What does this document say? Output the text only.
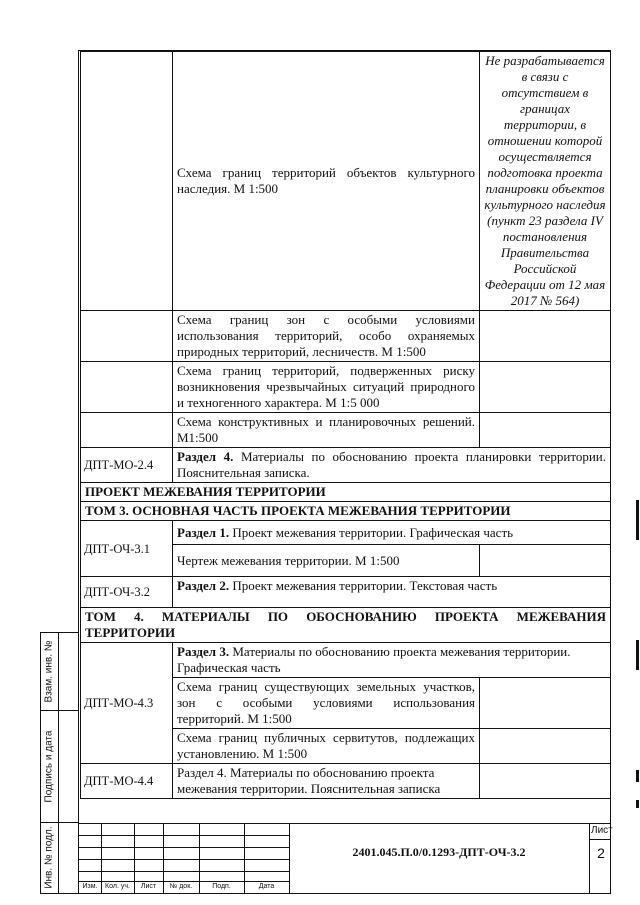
Взам. инв. №
Подпись и дата
Инв. № подл.
	Схема границ территорий объектов культурного наследия. М 1:500	Не разрабатывается в связи с отсутствием в границах территории, в отношении которой осуществляется подготовка проекта планировки объектов культурного наследия (пункт 23 раздела IV постановления Правительства Российской Федерации от 12 мая 2017 № 564)
	Схема границ зон с особыми условиями использования территорий, особо охраняемых природных территорий, лесничеств. М 1:500	
	Схема границ территорий, подверженных риску возникновения чрезвычайных ситуаций природного и техногенного характера. М 1:5 000	
	Схема конструктивных и планировочных решений. М1:500	
ДПТ-МО-2.4	Раздел 4. Материалы по обоснованию проекта планировки территории. Пояснительная записка.	
ПРОЕКТ МЕЖЕВАНИЯ ТЕРРИТОРИИ		
ТОМ 3. ОСНОВНАЯ ЧАСТЬ ПРОЕКТА МЕЖЕВАНИЯ ТЕРРИТОРИИ		
ДПТ-ОЧ-3.1	Раздел 1. Проект межевания территории. Графическая часть	
	Чертеж межевания территории. М 1:500	
ДПТ-ОЧ-3.2	Раздел 2. Проект межевания территории. Текстовая часть	
ТОМ 4. МАТЕРИАЛЫ ПО ОБОСНОВАНИЮ ПРОЕКТА МЕЖЕВАНИЯ ТЕРРИТОРИИ		
ДПТ-МО-4.3	Раздел 3. Материалы по обоснованию проекта межевания территории. Графическая часть	
	Схема границ существующих земельных участков, зон с особыми условиями использования территорий. М 1:500	
	Схема границ публичных сервитутов, подлежащих установлению. М 1:500	
ДПТ-МО-4.4	Раздел 4. Материалы по обоснованию проекта межевания территории. Пояснительная записка	
Изм.	Кол. уч.	Лист	№ док.	Подп.	Дата
2401.045.П.0/0.1293-ДПТ-ОЧ-3.2
Лист
2
